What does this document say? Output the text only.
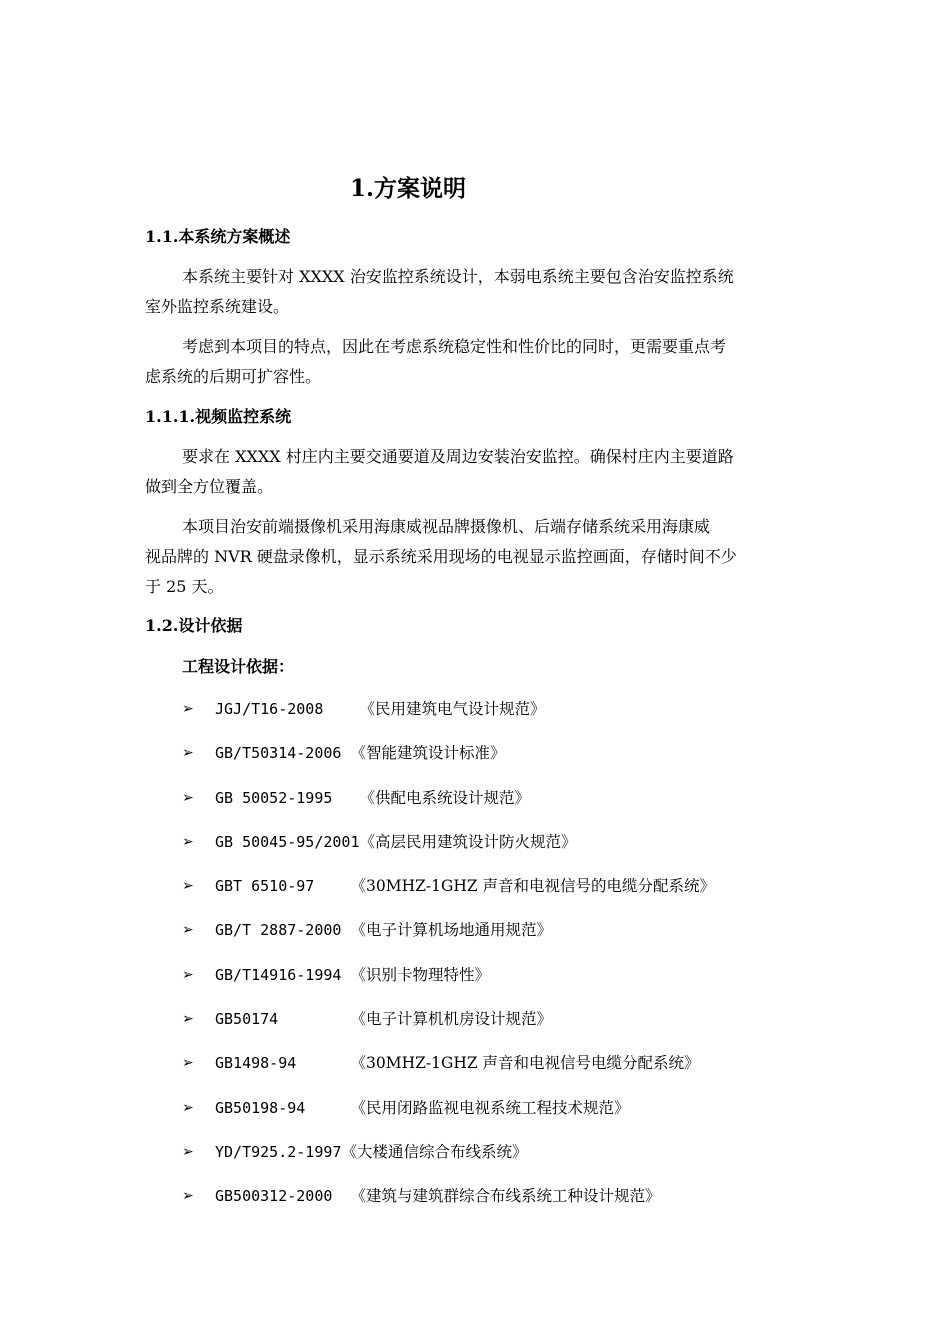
1.方案说明
1.1.本系统方案概述
本系统主要针对 XXXX 治安监控系统设计，本弱电系统主要包含治安监控系统
室外监控系统建设。
考虑到本项目的特点，因此在考虑系统稳定性和性价比的同时，更需要重点考
虑系统的后期可扩容性。
1.1.1.视频监控系统
要求在 XXXX 村庄内主要交通要道及周边安装治安监控。确保村庄内主要道路
做到全方位覆盖。
本项目治安前端摄像机采用海康威视品牌摄像机、后端存储系统采用海康威
视品牌的 NVR 硬盘录像机，显示系统采用现场的电视显示监控画面，存储时间不少
于 25 天。
1.2.设计依据
工程设计依据：
➢	JGJ/T16-2008 《民用建筑电气设计规范》
➢	GB/T50314-2006 《智能建筑设计标准》
➢	GB 50052-1995 《供配电系统设计规范》
➢	GB 50045-95/2001 《高层民用建筑设计防火规范》
➢	GBT 6510-97 《30MHZ-1GHZ 声音和电视信号的电缆分配系统》
➢	GB/T 2887-2000 《电子计算机场地通用规范》
➢	GB/T14916-1994 《识别卡物理特性》
➢	GB50174 《电子计算机机房设计规范》
➢	GB1498-94 《30MHZ-1GHZ 声音和电视信号电缆分配系统》
➢	GB50198-94 《民用闭路监视电视系统工程技术规范》
➢	YD/T925.2-1997 《大楼通信综合布线系统》
➢	GB500312-2000 《建筑与建筑群综合布线系统工种设计规范》
